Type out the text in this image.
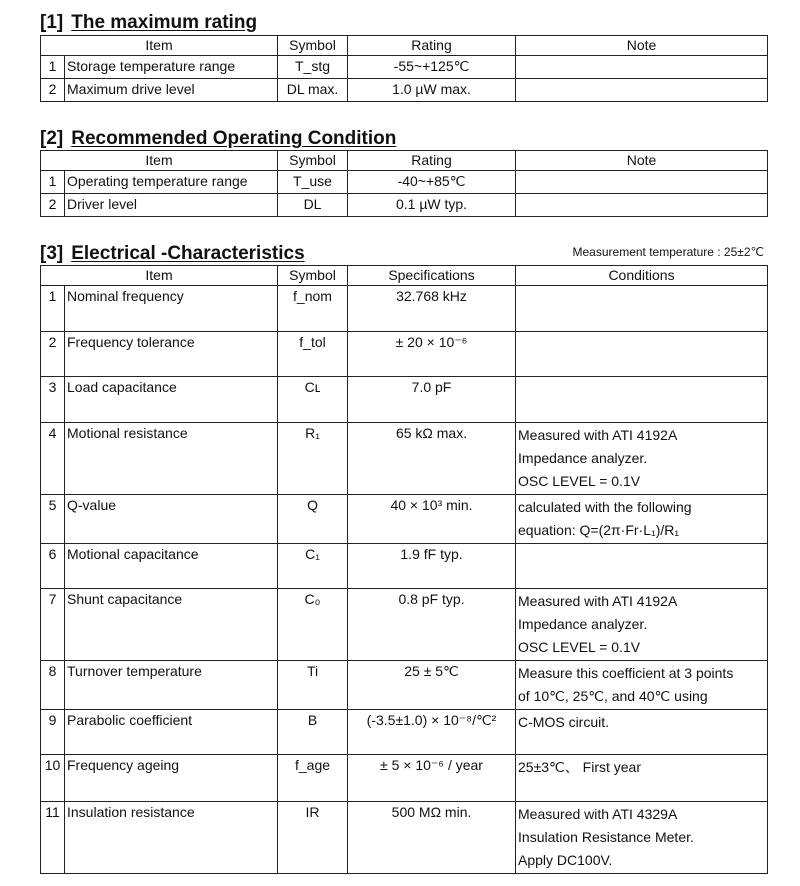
[1] The maximum rating
Item		Symbol	Rating	Note
1	Storage temperature range	T_stg	-55~+125℃	
2	Maximum drive level	DL max.	1.0 µW max.	
[2] Recommended Operating Condition
Item		Symbol	Rating	Note
1	Operating temperature range	T_use	-40~+85℃	
2	Driver level	DL	0.1 µW typ.	
[3] Electrical -Characteristics	Measurement temperature : 25±2℃
Item		Symbol	Specifications	Conditions
1	Nominal frequency	f_nom	32.768 kHz	
2	Frequency tolerance	f_tol	± 20 × 10⁻⁶	
3	Load capacitance	Cʟ	7.0 pF	
4	Motional resistance	R₁	65 kΩ max.	Measured with ATI 4192A
Impedance analyzer.
OSC LEVEL = 0.1V

5	Q-value	Q	40 × 10³ min.	calculated with the following
equation: Q=(2π·Fr·L₁)/R₁

6	Motional capacitance	C₁	1.9 fF typ.	
7	Shunt capacitance	C₀	0.8 pF typ.	Measured with ATI 4192A
Impedance analyzer.
OSC LEVEL = 0.1V

8	Turnover temperature	Ti	25 ± 5℃	Measure this coefficient at 3 points
of 10℃, 25℃, and 40℃ using

9	Parabolic coefficient	B	(-3.5±1.0) × 10⁻⁸/℃²	C-MOS circuit.

10	Frequency ageing	f_age	± 5 × 10⁻⁶ / year	25±3℃、 First year

11	Insulation resistance	IR	500 MΩ min.	Measured with ATI 4329A
Insulation Resistance Meter.
Apply DC100V.
